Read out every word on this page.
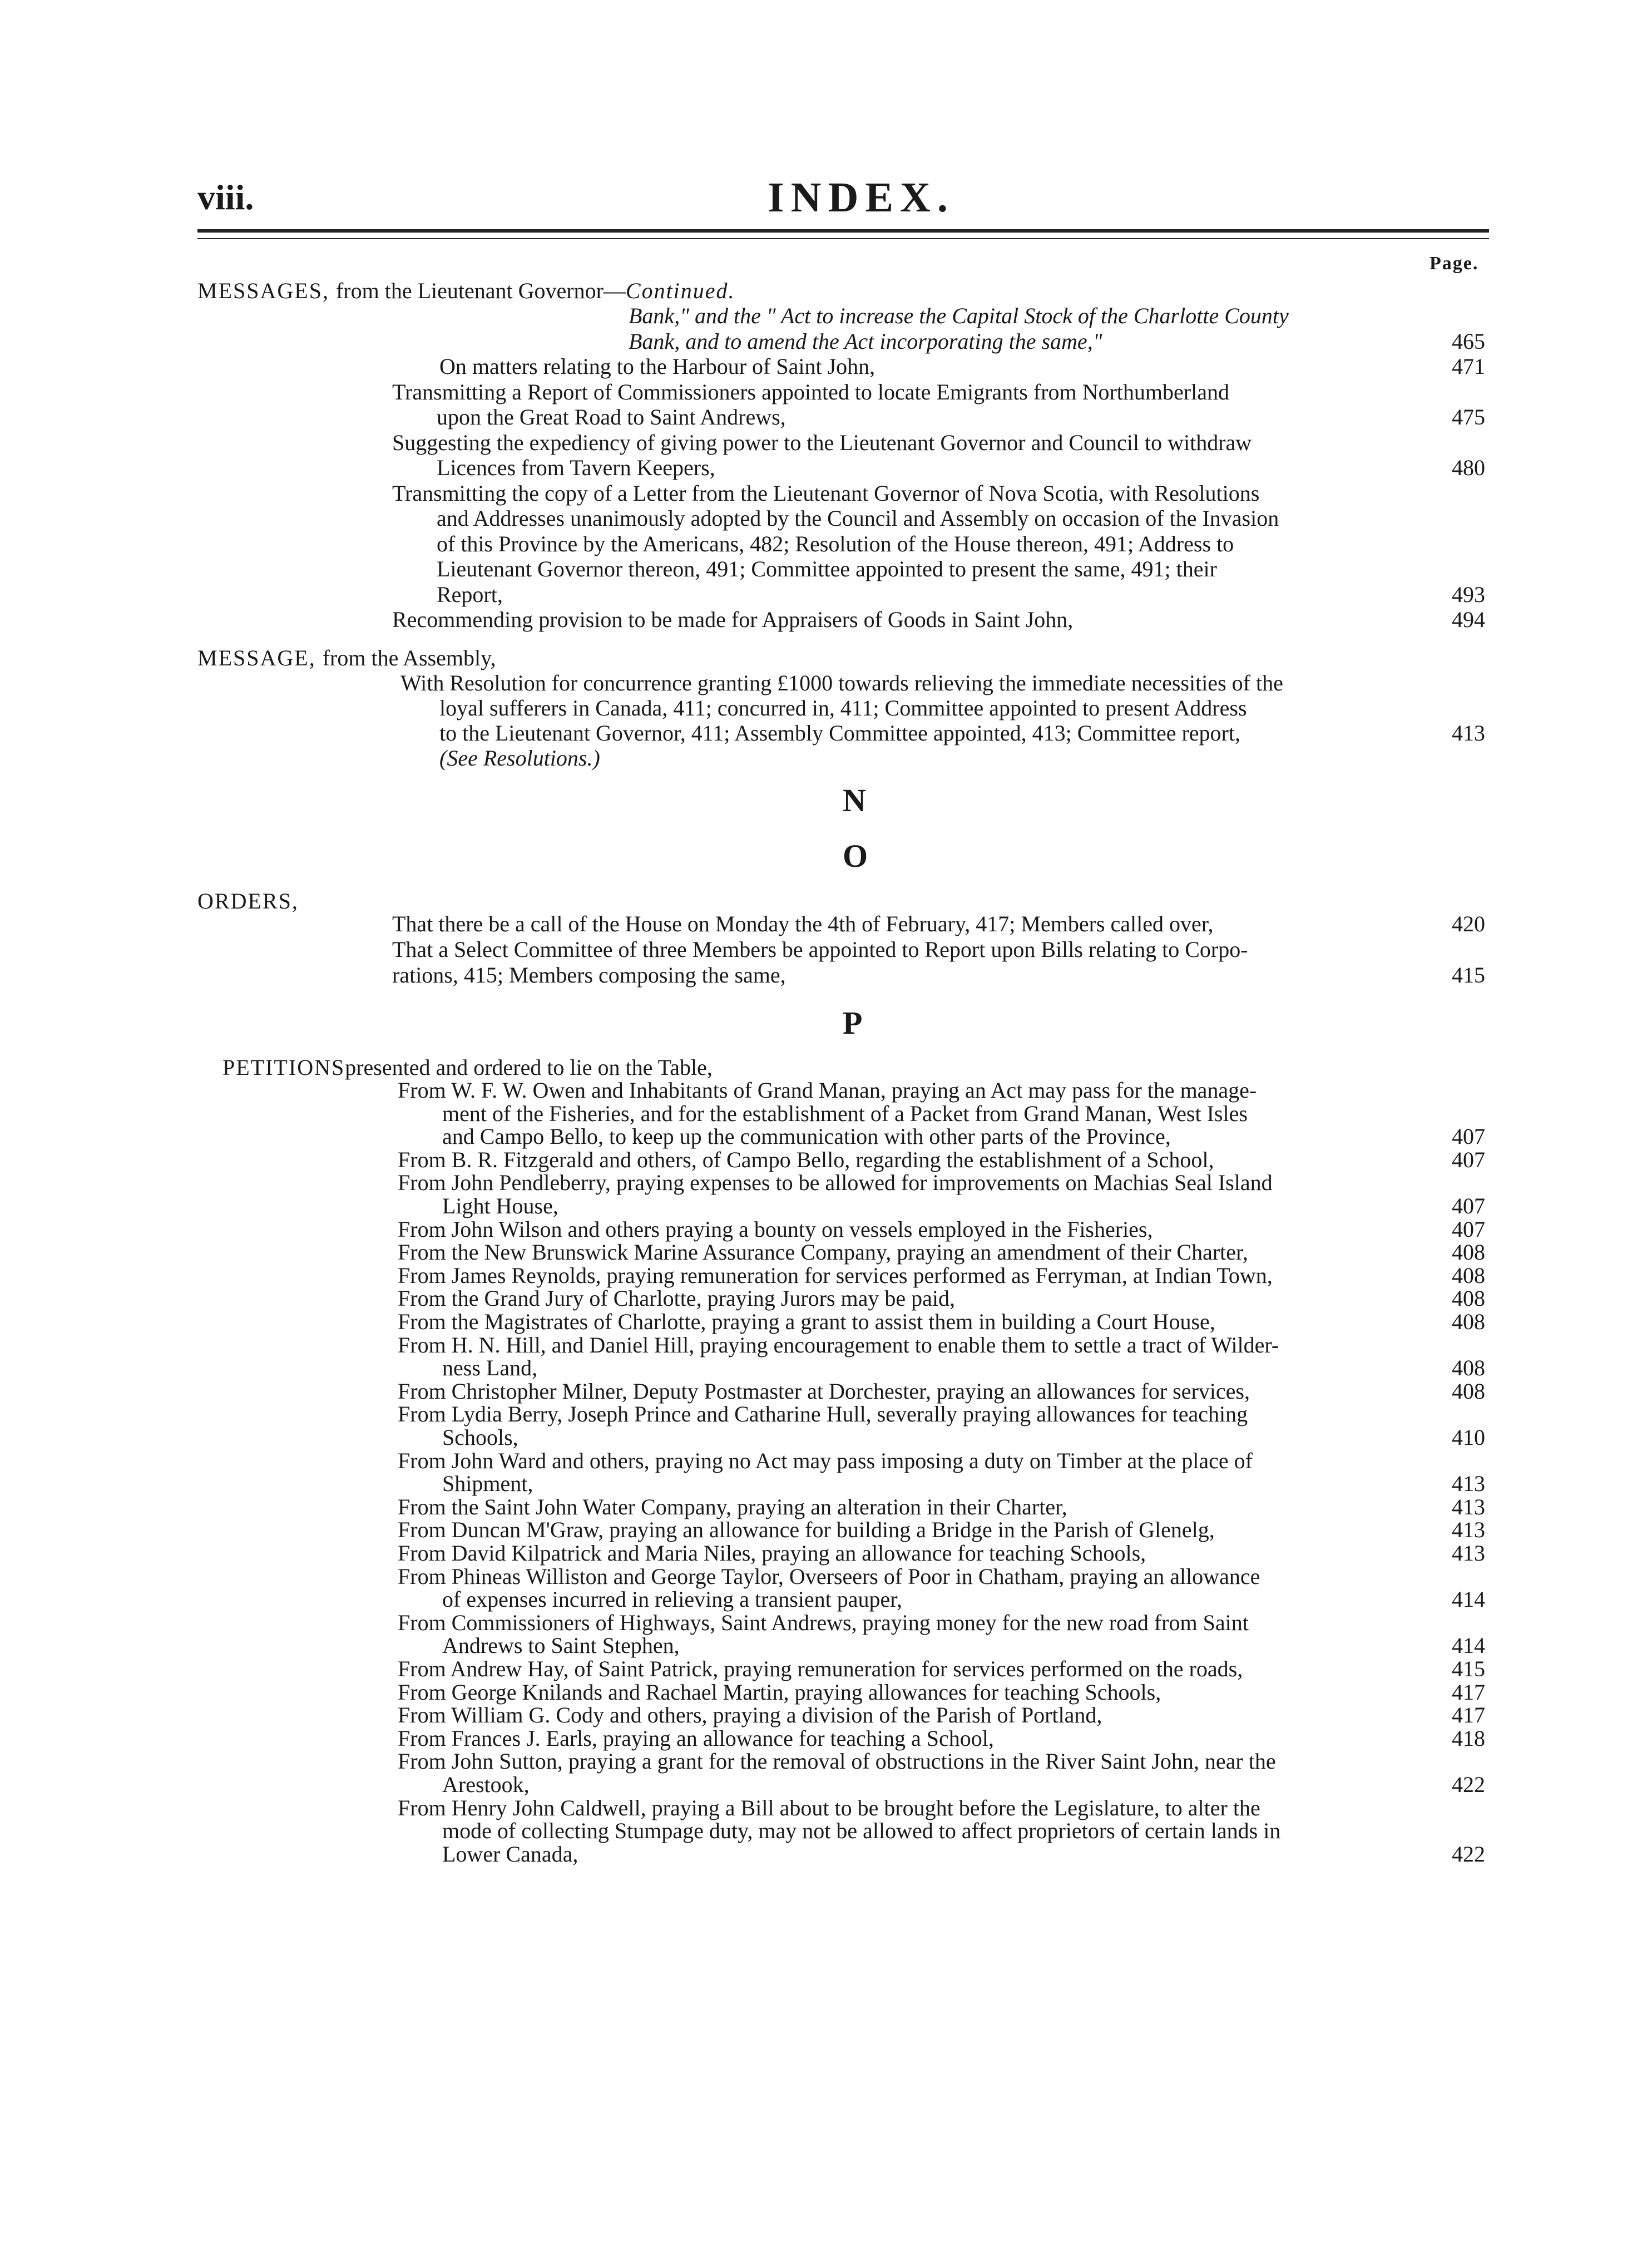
viii.	INDEX.
Page.
MESSAGES, from the Lieutenant Governor—Continued.
Bank," and the " Act to increase the Capital Stock of the Charlotte County
Bank, and to amend the Act incorporating the same,"	465
On matters relating to the Harbour of Saint John,	471
Transmitting a Report of Commissioners appointed to locate Emigrants from Northumberland
upon the Great Road to Saint Andrews,	475
Suggesting the expediency of giving power to the Lieutenant Governor and Council to withdraw
Licences from Tavern Keepers,	480
Transmitting the copy of a Letter from the Lieutenant Governor of Nova Scotia, with Resolutions
and Addresses unanimously adopted by the Council and Assembly on occasion of the Invasion
of this Province by the Americans, 482; Resolution of the House thereon, 491; Address to
Lieutenant Governor thereon, 491; Committee appointed to present the same, 491; their
Report,	493
Recommending provision to be made for Appraisers of Goods in Saint John,	494
MESSAGE, from the Assembly,
With Resolution for concurrence granting £1000 towards relieving the immediate necessities of the
loyal sufferers in Canada, 411; concurred in, 411; Committee appointed to present Address
to the Lieutenant Governor, 411; Assembly Committee appointed, 413; Committee report,	413
(See Resolutions.)
N
O
ORDERS,
That there be a call of the House on Monday the 4th of February, 417; Members called over,	420
That a Select Committee of three Members be appointed to Report upon Bills relating to Corpo-
rations, 415; Members composing the same,	415
P
PETITIONSpresented and ordered to lie on the Table,
From W. F. W. Owen and Inhabitants of Grand Manan, praying an Act may pass for the manage-
ment of the Fisheries, and for the establishment of a Packet from Grand Manan, West Isles
and Campo Bello, to keep up the communication with other parts of the Province,	407
From B. R. Fitzgerald and others, of Campo Bello, regarding the establishment of a School,	407
From John Pendleberry, praying expenses to be allowed for improvements on Machias Seal Island
Light House,	407
From John Wilson and others praying a bounty on vessels employed in the Fisheries,	407
From the New Brunswick Marine Assurance Company, praying an amendment of their Charter,	408
From James Reynolds, praying remuneration for services performed as Ferryman, at Indian Town,	408
From the Grand Jury of Charlotte, praying Jurors may be paid,	408
From the Magistrates of Charlotte, praying a grant to assist them in building a Court House,	408
From H. N. Hill, and Daniel Hill, praying encouragement to enable them to settle a tract of Wilder-
ness Land,	408
From Christopher Milner, Deputy Postmaster at Dorchester, praying an allowances for services,	408
From Lydia Berry, Joseph Prince and Catharine Hull, severally praying allowances for teaching
Schools,	410
From John Ward and others, praying no Act may pass imposing a duty on Timber at the place of
Shipment,	413
From the Saint John Water Company, praying an alteration in their Charter,	413
From Duncan M'Graw, praying an allowance for building a Bridge in the Parish of Glenelg,	413
From David Kilpatrick and Maria Niles, praying an allowance for teaching Schools,	413
From Phineas Williston and George Taylor, Overseers of Poor in Chatham, praying an allowance
of expenses incurred in relieving a transient pauper,	414
From Commissioners of Highways, Saint Andrews, praying money for the new road from Saint
Andrews to Saint Stephen,	414
From Andrew Hay, of Saint Patrick, praying remuneration for services performed on the roads,	415
From George Knilands and Rachael Martin, praying allowances for teaching Schools,	417
From William G. Cody and others, praying a division of the Parish of Portland,	417
From Frances J. Earls, praying an allowance for teaching a School,	418
From John Sutton, praying a grant for the removal of obstructions in the River Saint John, near the
Arestook,	422
From Henry John Caldwell, praying a Bill about to be brought before the Legislature, to alter the
mode of collecting Stumpage duty, may not be allowed to affect proprietors of certain lands in
Lower Canada,	422
